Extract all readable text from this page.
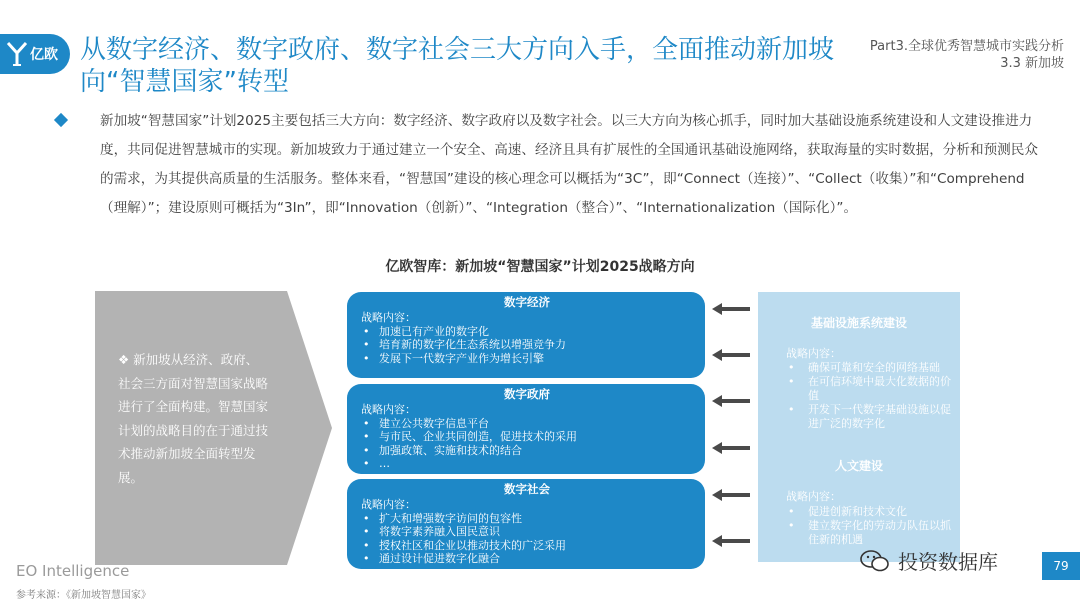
亿欧 从数字经济、数字政府、数字社会三大方向入手，全面推动新加坡向“智慧国家”转型
Part3.全球优秀智慧城市实践分析
3.3 新加坡
新加坡“智慧国家”计划2025主要包括三大方向：数字经济、数字政府以及数字社会。以三大方向为核心抓手，同时加大基础设施系统建设和人文建设推进力度，共同促进智慧城市的实现。新加坡致力于通过建立一个安全、高速、经济且具有扩展性的全国通讯基础设施网络，获取海量的实时数据，分析和预测民众的需求，为其提供高质量的生活服务。整体来看，“智慧国”建设的核心理念可以概括为“3C”，即“Connect（连接）”、“Collect（收集）”和“Comprehend（理解）”；建设原则可概括为“3In”，即“Innovation（创新）”、“Integration（整合）”、“Internationalization（国际化）”。
亿欧智库：新加坡“智慧国家”计划2025战略方向
❖ 新加坡从经济、政府、社会三方面对智慧国家战略进行了全面构建。智慧国家计划的战略目的在于通过技术推动新加坡全面转型发展。
数字经济
战略内容：
• 加速已有产业的数字化
• 培育新的数字化生态系统以增强竞争力
• 发展下一代数字产业作为增长引擎
数字政府
战略内容：
• 建立公共数字信息平台
• 与市民、企业共同创造，促进技术的采用
• 加强政策、实施和技术的结合
• …
数字社会
战略内容：
• 扩大和增强数字访问的包容性
• 将数字素养融入国民意识
• 授权社区和企业以推动技术的广泛采用
• 通过设计促进数字化融合
基础设施系统建设
战略内容：
• 确保可靠和安全的网络基础
• 在可信环境中最大化数据的价值
• 开发下一代数字基础设施以促进广泛的数字化
人文建设
战略内容：
• 促进创新和技术文化
• 建立数字化的劳动力队伍以抓住新的机遇
EO Intelligence
参考来源：《新加坡智慧国家》
投资数据库	79
